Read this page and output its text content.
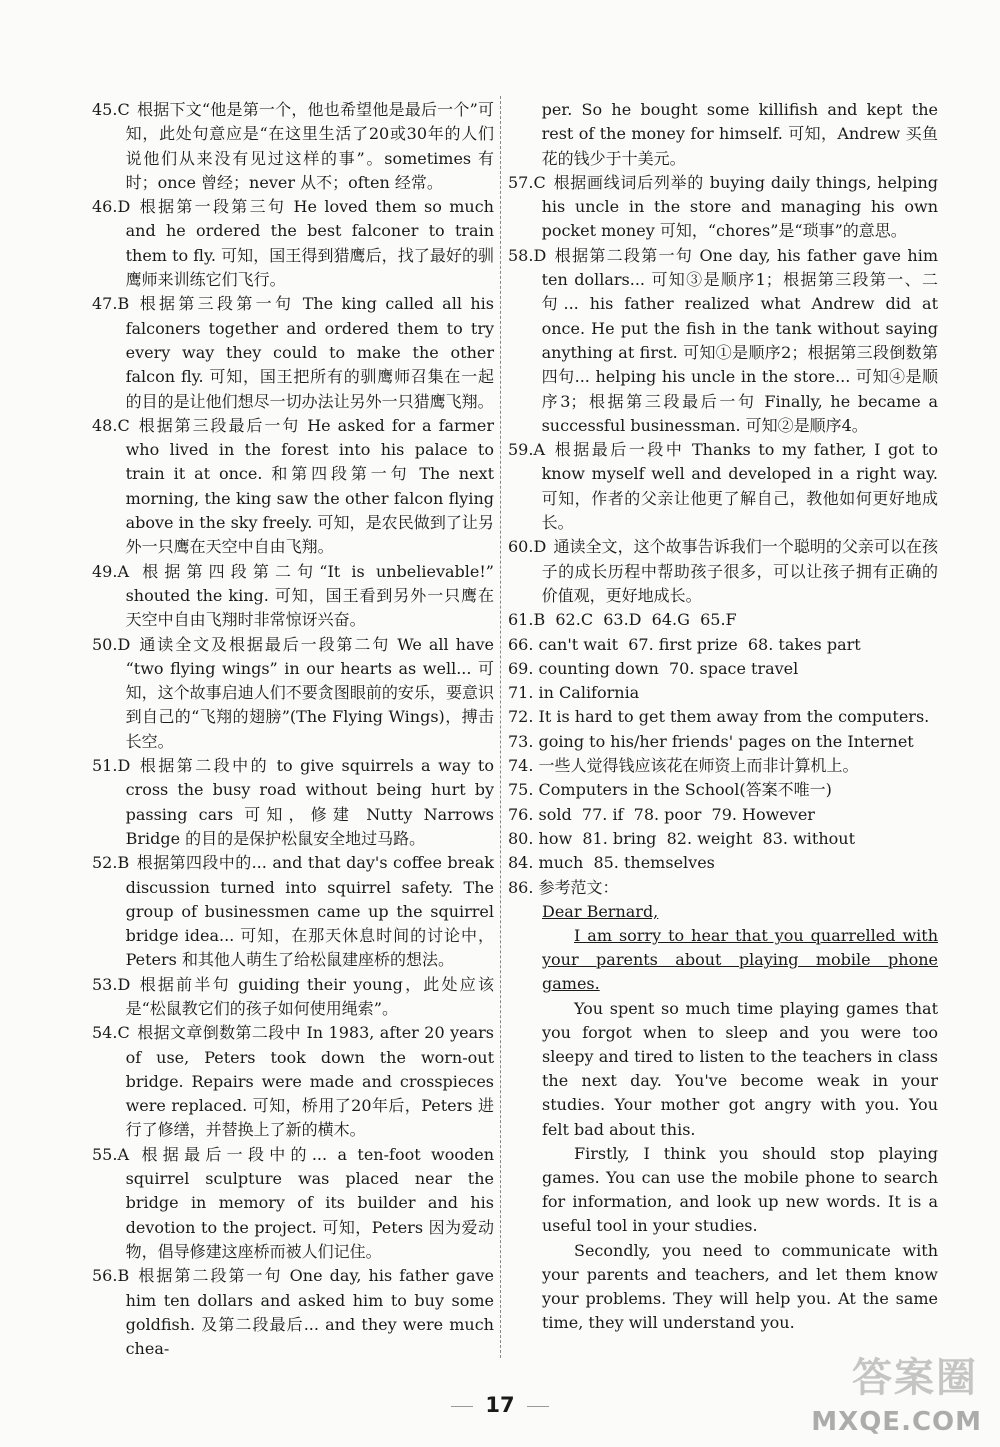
45.C 根据下文“他是第一个，他也希望他是最后一个”可知，此处句意应是“在这里生活了20或30年的人们说他们从来没有见过这样的事”。sometimes 有时；once 曾经；never 从不；often 经常。

46.D 根据第一段第三句 He loved them so much and he ordered the best falconer to train them to fly. 可知，国王得到猎鹰后，找了最好的驯鹰师来训练它们飞行。

47.B 根据第三段第一句 The king called all his falconers together and ordered them to try every way they could to make the other falcon fly. 可知，国王把所有的驯鹰师召集在一起的目的是让他们想尽一切办法让另外一只猎鹰飞翔。

48.C 根据第三段最后一句 He asked for a farmer who lived in the forest into his palace to train it at once. 和第四段第一句 The next morning, the king saw the other falcon flying above in the sky freely. 可知，是农民做到了让另外一只鹰在天空中自由飞翔。

49.A 根据第四段第二句“It is unbelievable!” shouted the king. 可知，国王看到另外一只鹰在天空中自由飞翔时非常惊讶兴奋。

50.D 通读全文及根据最后一段第二句 We all have “two flying wings” in our hearts as well... 可知，这个故事启迪人们不要贪图眼前的安乐，要意识到自己的“飞翔的翅膀”(The Flying Wings)，搏击长空。

51.D 根据第二段中的 to give squirrels a way to cross the busy road without being hurt by passing cars 可知，修建 Nutty Narrows Bridge 的目的是保护松鼠安全地过马路。

52.B 根据第四段中的... and that day's coffee break discussion turned into squirrel safety. The group of businessmen came up the squirrel bridge idea... 可知，在那天休息时间的讨论中，Peters 和其他人萌生了给松鼠建座桥的想法。

53.D 根据前半句 guiding their young，此处应该是“松鼠教它们的孩子如何使用绳索”。

54.C 根据文章倒数第二段中 In 1983, after 20 years of use, Peters took down the worn-out bridge. Repairs were made and crosspieces were replaced. 可知，桥用了20年后，Peters 进行了修缮，并替换上了新的横木。

55.A 根据最后一段中的... a ten-foot wooden squirrel sculpture was placed near the bridge in memory of its builder and his devotion to the project. 可知，Peters 因为爱动物，倡导修建这座桥而被人们记住。

56.B 根据第二段第一句 One day, his father gave him ten dollars and asked him to buy some goldfish. 及第二段最后... and they were much chea-

per. So he bought some killifish and kept the rest of the money for himself. 可知，Andrew 买鱼花的钱少于十美元。

57.C 根据画线词后列举的 buying daily things, helping his uncle in the store and managing his own pocket money 可知，“chores”是“琐事”的意思。

58.D 根据第二段第一句 One day, his father gave him ten dollars... 可知③是顺序1；根据第三段第一、二句... his father realized what Andrew did at once. He put the fish in the tank without saying anything at first. 可知①是顺序2；根据第三段倒数第四句... helping his uncle in the store... 可知④是顺序3；根据第三段最后一句 Finally, he became a successful businessman. 可知②是顺序4。

59.A 根据最后一段中 Thanks to my father, I got to know myself well and developed in a right way. 可知，作者的父亲让他更了解自己，教他如何更好地成长。

60.D 通读全文，这个故事告诉我们一个聪明的父亲可以在孩子的成长历程中帮助孩子很多，可以让孩子拥有正确的价值观，更好地成长。

61.B  62.C  63.D  64.G  65.F

66. can't wait  67. first prize  68. takes part

69. counting down  70. space travel

71. in California

72. It is hard to get them away from the computers.

73. going to his/her friends' pages on the Internet

74. 一些人觉得钱应该花在师资上而非计算机上。

75. Computers in the School(答案不唯一)

76. sold  77. if  78. poor  79. However

80. how  81. bring  82. weight  83. without

84. much  85. themselves

86. 参考范文：

Dear Bernard,

I am sorry to hear that you quarrelled with your parents about playing mobile phone games.

You spent so much time playing games that you forgot when to sleep and you were too sleepy and tired to listen to the teachers in class the next day. You've become weak in your studies. Your mother got angry with you. You felt bad about this.

Firstly, I think you should stop playing games. You can use the mobile phone to search for information, and look up new words. It is a useful tool in your studies.

Secondly, you need to communicate with your parents and teachers, and let them know your problems. They will help you. At the same time, they will understand you.

17
答案圈
MXQE.COM
